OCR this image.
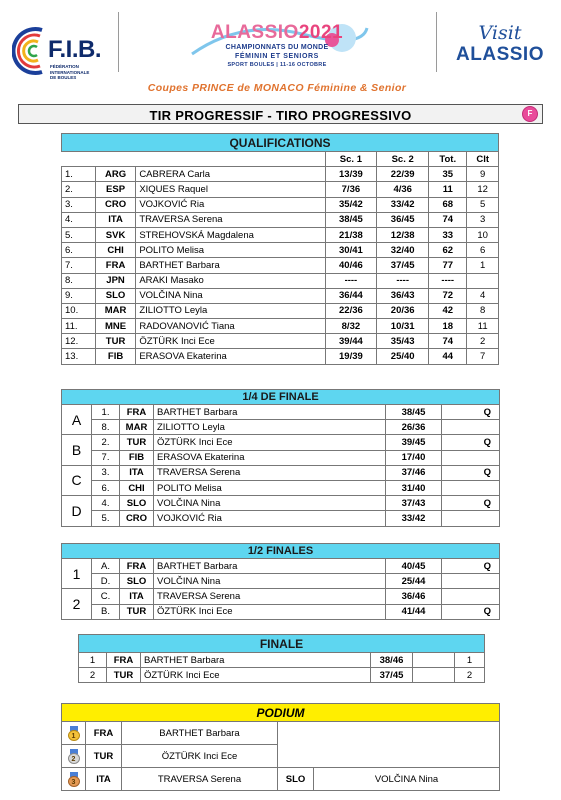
F.I.B.
FÉDÉRATION
INTERNATIONALE
DE BOULES
ALASSIO2021
CHAMPIONNATS DU MONDE
FÉMININ ET SENIORS
SPORT BOULES | 11-16 OCTOBRE
Coupes PRINCE de MONACO Féminine & Senior
Visit
ALASSIO
TIR PROGRESSIF - TIRO PROGRESSIVO	F
QUALIFICATIONS						
			Sc. 1	Sc. 2	Tot.	Clt
1.	ARG	CABRERA Carla	13/39	22/39	35	9
2.	ESP	XIQUES Raquel	7/36	4/36	11	12
3.	CRO	VOJKOVIĆ Ria	35/42	33/42	68	5
4.	ITA	TRAVERSA Serena	38/45	36/45	74	3
5.	SVK	STREHOVSKÁ Magdalena	21/38	12/38	33	10
6.	CHI	POLITO Melisa	30/41	32/40	62	6
7.	FRA	BARTHET Barbara	40/46	37/45	77	1
8.	JPN	ARAKI Masako	----	----	----	
9.	SLO	VOLČINA Nina	36/44	36/43	72	4
10.	MAR	ZILIOTTO Leyla	22/36	20/36	42	8
11.	MNE	RADOVANOVIĆ Tiana	8/32	10/31	18	11
12.	TUR	ÖZTÜRK Inci Ece	39/44	35/43	74	2
13.	FIB	ERASOVA Ekaterina	19/39	25/40	44	7
1/4 DE FINALE					
A	1.	FRA	BARTHET Barbara	38/45	Q
	8.	MAR	ZILIOTTO Leyla	26/36	
B	2.	TUR	ÖZTÜRK Inci Ece	39/45	Q
	7.	FIB	ERASOVA Ekaterina	17/40	
C	3.	ITA	TRAVERSA Serena	37/46	Q
	6.	CHI	POLITO Melisa	31/40	
D	4.	SLO	VOLČINA Nina	37/43	Q
	5.	CRO	VOJKOVIĆ Ria	33/42	
1/2 FINALES					
1	A.	FRA	BARTHET Barbara	40/45	Q
	D.	SLO	VOLČINA Nina	25/44	
2	C.	ITA	TRAVERSA Serena	36/46	
	B.	TUR	ÖZTÜRK Inci Ece	41/44	Q
FINALE					
1	FRA	BARTHET Barbara	38/46		1
2	TUR	ÖZTÜRK Inci Ece	37/45		2
PODIUM				

1	FRA	BARTHET Barbara		

2	TUR	ÖZTÜRK Inci Ece		

3	ITA	TRAVERSA Serena	SLO	VOLČINA Nina
